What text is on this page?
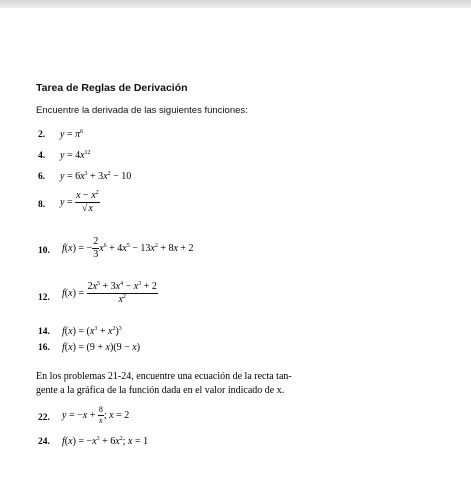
Tarea de Reglas de Derivación
Encuentre la derivada de las siguientes funciones:
2. $y = \pi^6$
4. $y = 4x^{12}$
6. $y = 6x^3 + 3x^2 - 10$
8. $y = \frac{x - x^2}{√x}$
10. f(x) = − $\frac{2}{3} x^6 + 4x^5 - 13x^2 + 8x + 2$
12. $f(x) = \frac{2x^5 + 3x^4 - x^3 + 2}{x^2}$
14. $f(x) = (x^3 + x^2)^3$
16. f(x) = (9 + x)(9 − x)
En los problemas 21-24, encuentre una ecuación de la recta tan-
gente a la gráfica de la función dada en el valor indicado de x.
22. $y = -x + \frac{8}{x}$ ; x = 2
24. $f(x) = -x^3 + 6x^2$; x = 1
